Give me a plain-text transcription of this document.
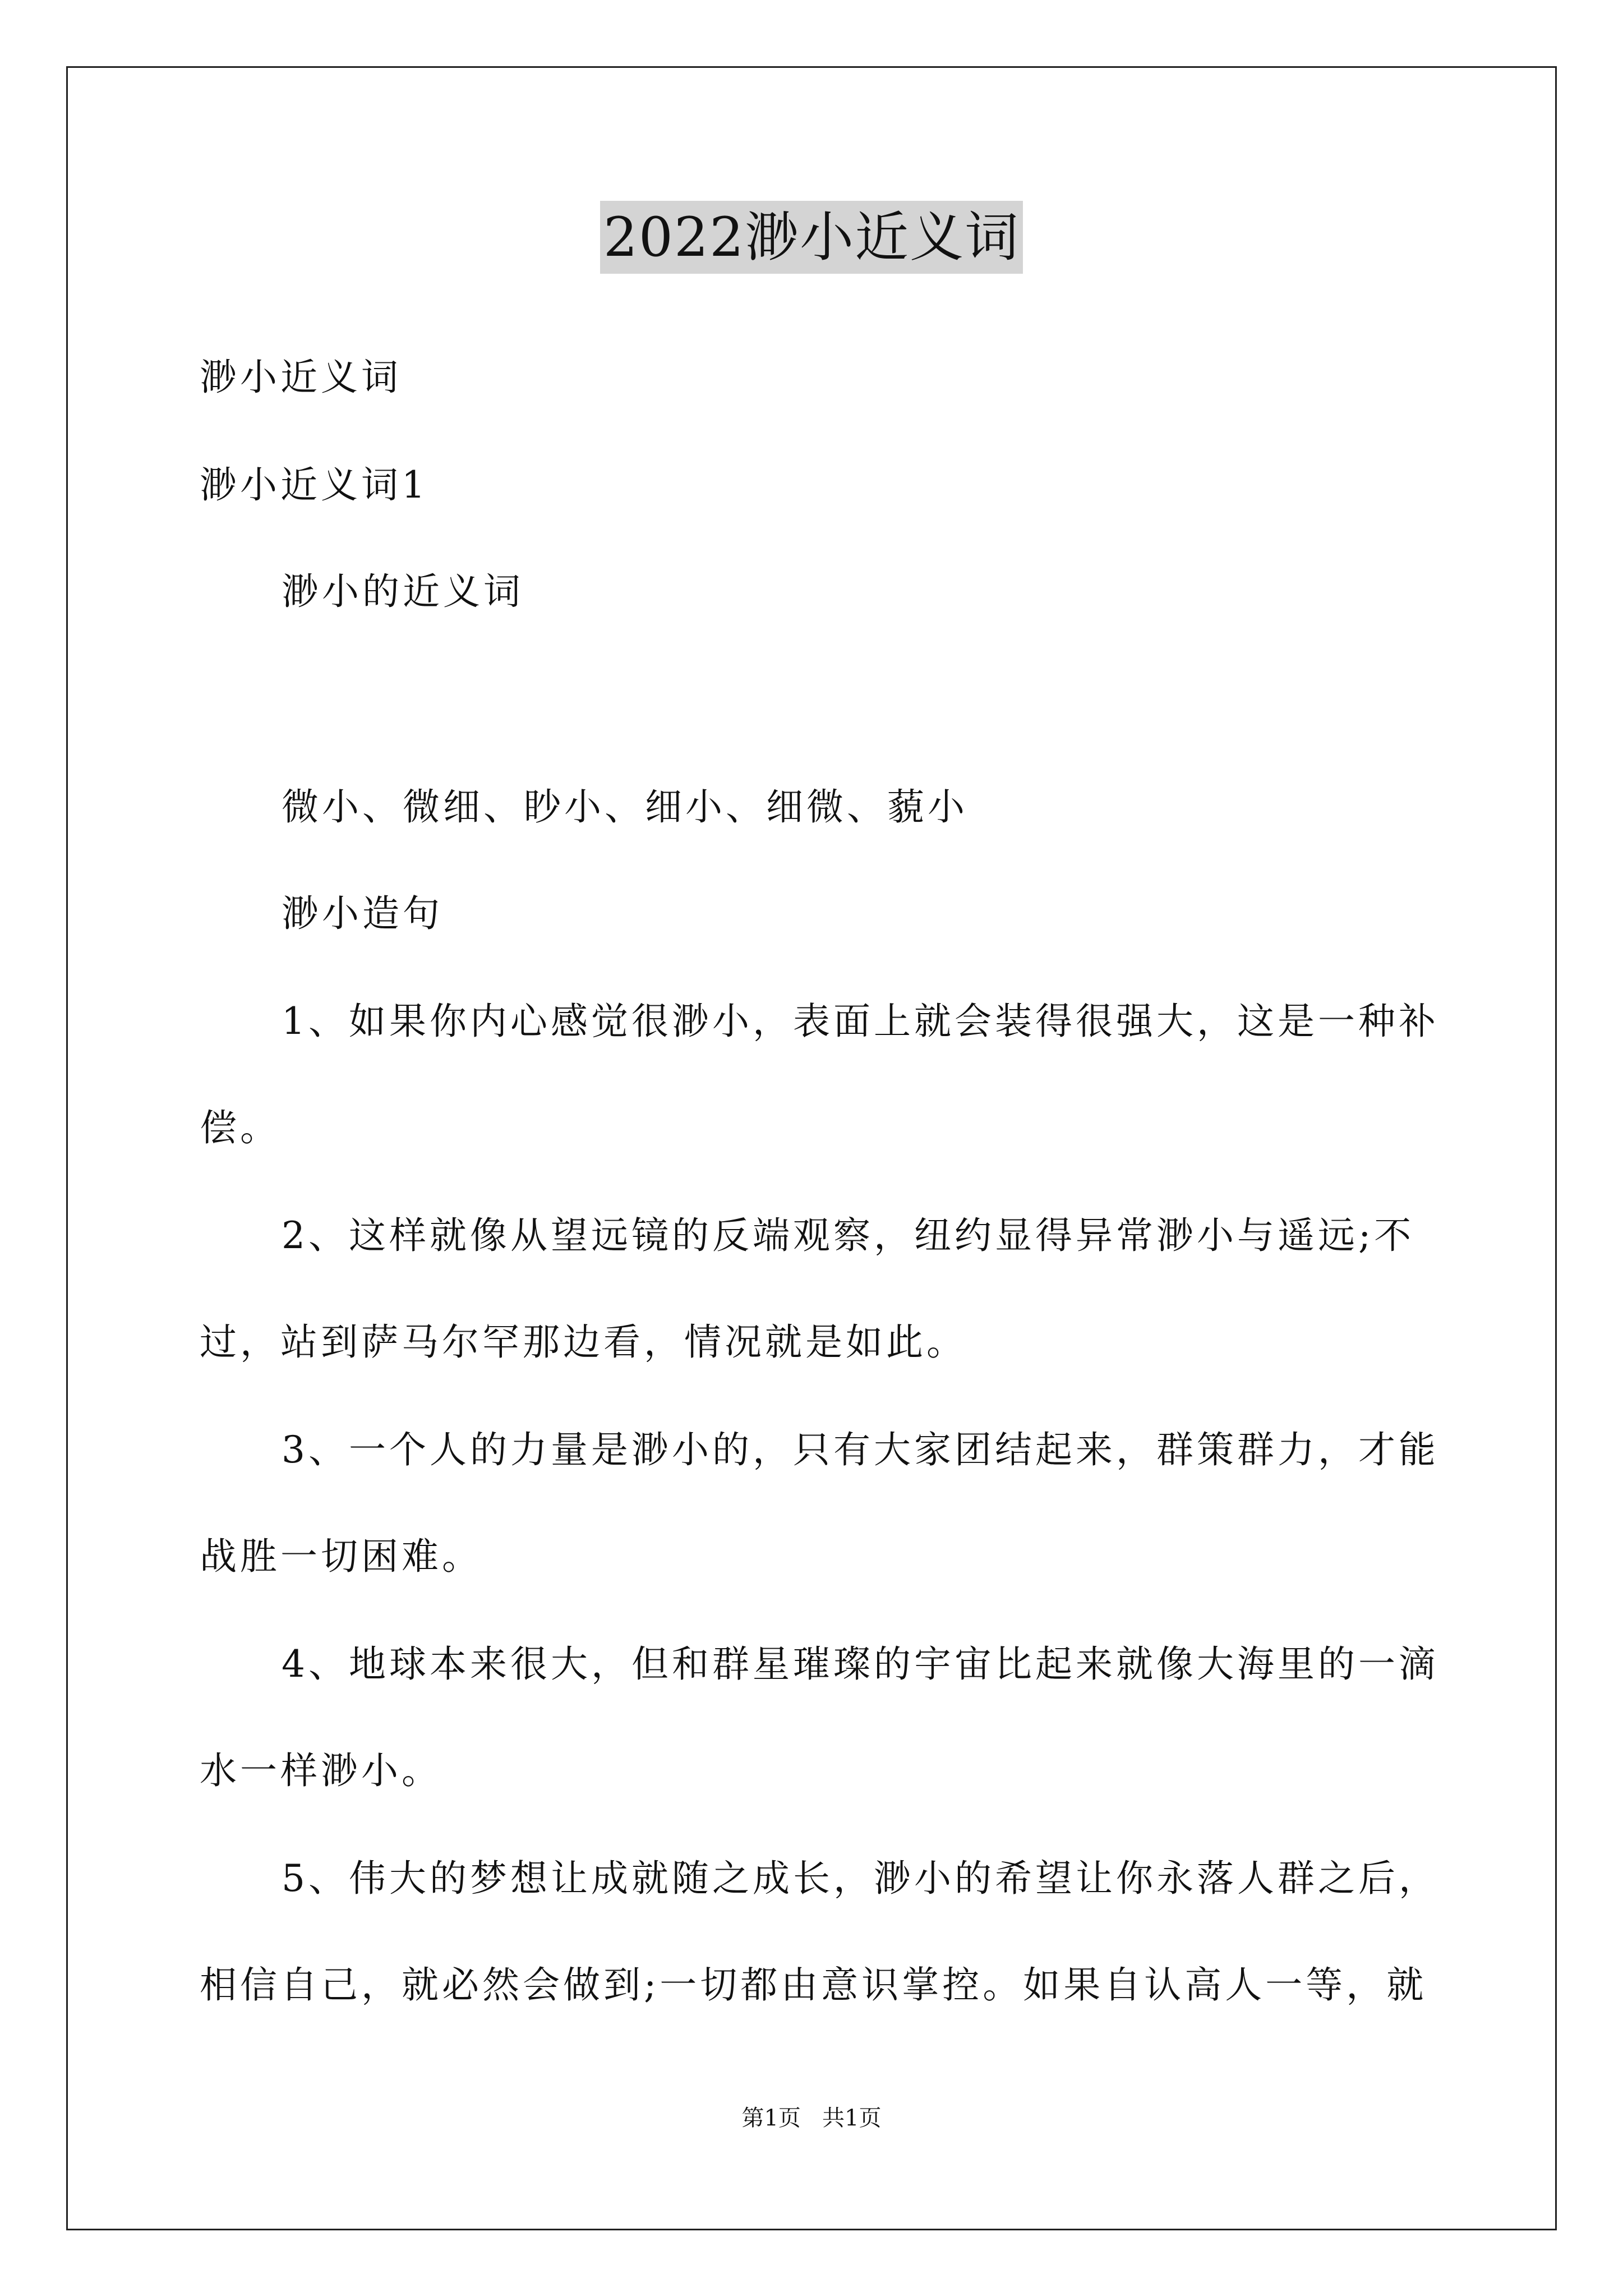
2022渺小近义词
渺小近义词
渺小近义词1
渺小的近义词
微小、微细、眇小、细小、细微、藐小
渺小造句
1、如果你内心感觉很渺小，表面上就会装得很强大，这是一种补
偿。
2、这样就像从望远镜的反端观察，纽约显得异常渺小与遥远;不
过，站到萨马尔罕那边看，情况就是如此。
3、一个人的力量是渺小的，只有大家团结起来，群策群力，才能
战胜一切困难。
4、地球本来很大，但和群星璀璨的宇宙比起来就像大海里的一滴
水一样渺小。
5、伟大的梦想让成就随之成长，渺小的希望让你永落人群之后，
相信自己，就必然会做到;一切都由意识掌控。如果自认高人一等，就
第1页   共1页
